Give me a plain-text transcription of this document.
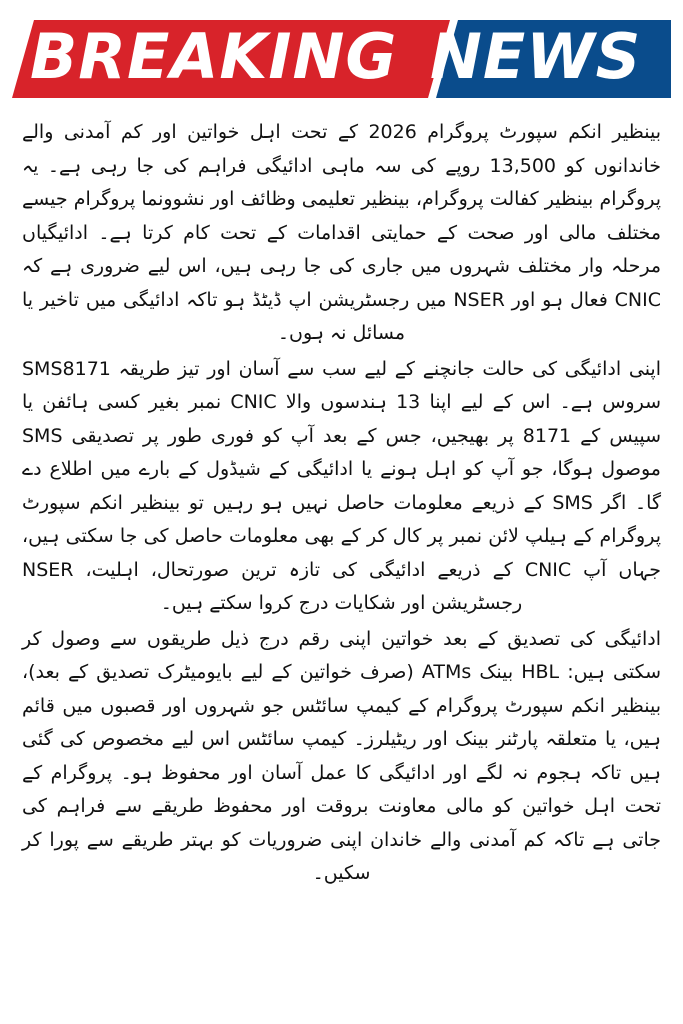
BREAKING NEWS

بینظیر انکم سپورٹ پروگرام 2026 کے تحت اہل خواتین اور کم آمدنی والے خاندانوں کو 13,500 روپے کی سہ ماہی ادائیگی فراہم کی جا رہی ہے۔ یہ پروگرام بینظیر کفالت پروگرام، بینظیر تعلیمی وظائف اور نشوونما پروگرام جیسے مختلف مالی اور صحت کے حمایتی اقدامات کے تحت کام کرتا ہے۔ ادائیگیاں مرحلہ وار مختلف شہروں میں جاری کی جا رہی ہیں، اس لیے ضروری ہے کہ CNIC فعال ہو اور NSER میں رجسٹریشن اپ ڈیٹڈ ہو تاکہ ادائیگی میں تاخیر یا مسائل نہ ہوں۔

اپنی ادائیگی کی حالت جانچنے کے لیے سب سے آسان اور تیز طریقہ SMS8171 سروس ہے۔ اس کے لیے اپنا 13 ہندسوں والا CNIC نمبر بغیر کسی ہائفن یا سپیس کے 8171 پر بھیجیں، جس کے بعد آپ کو فوری طور پر تصدیقی SMS موصول ہوگا، جو آپ کو اہل ہونے یا ادائیگی کے شیڈول کے بارے میں اطلاع دے گا۔ اگر SMS کے ذریعے معلومات حاصل نہیں ہو رہیں تو بینظیر انکم سپورٹ پروگرام کے ہیلپ لائن نمبر پر کال کر کے بھی معلومات حاصل کی جا سکتی ہیں، جہاں آپ CNIC کے ذریعے ادائیگی کی تازہ ترین صورتحال، اہلیت، NSER رجسٹریشن اور شکایات درج کروا سکتے ہیں۔

ادائیگی کی تصدیق کے بعد خواتین اپنی رقم درج ذیل طریقوں سے وصول کر سکتی ہیں: HBL بینک ATMs (صرف خواتین کے لیے بایومیٹرک تصدیق کے بعد)، بینظیر انکم سپورٹ پروگرام کے کیمپ سائٹس جو شہروں اور قصبوں میں قائم ہیں، یا متعلقہ پارٹنر بینک اور ریٹیلرز۔ کیمپ سائٹس اس لیے مخصوص کی گئی ہیں تاکہ ہجوم نہ لگے اور ادائیگی کا عمل آسان اور محفوظ ہو۔ پروگرام کے تحت اہل خواتین کو مالی معاونت بروقت اور محفوظ طریقے سے فراہم کی جاتی ہے تاکہ کم آمدنی والے خاندان اپنی ضروریات کو بہتر طریقے سے پورا کر سکیں۔
